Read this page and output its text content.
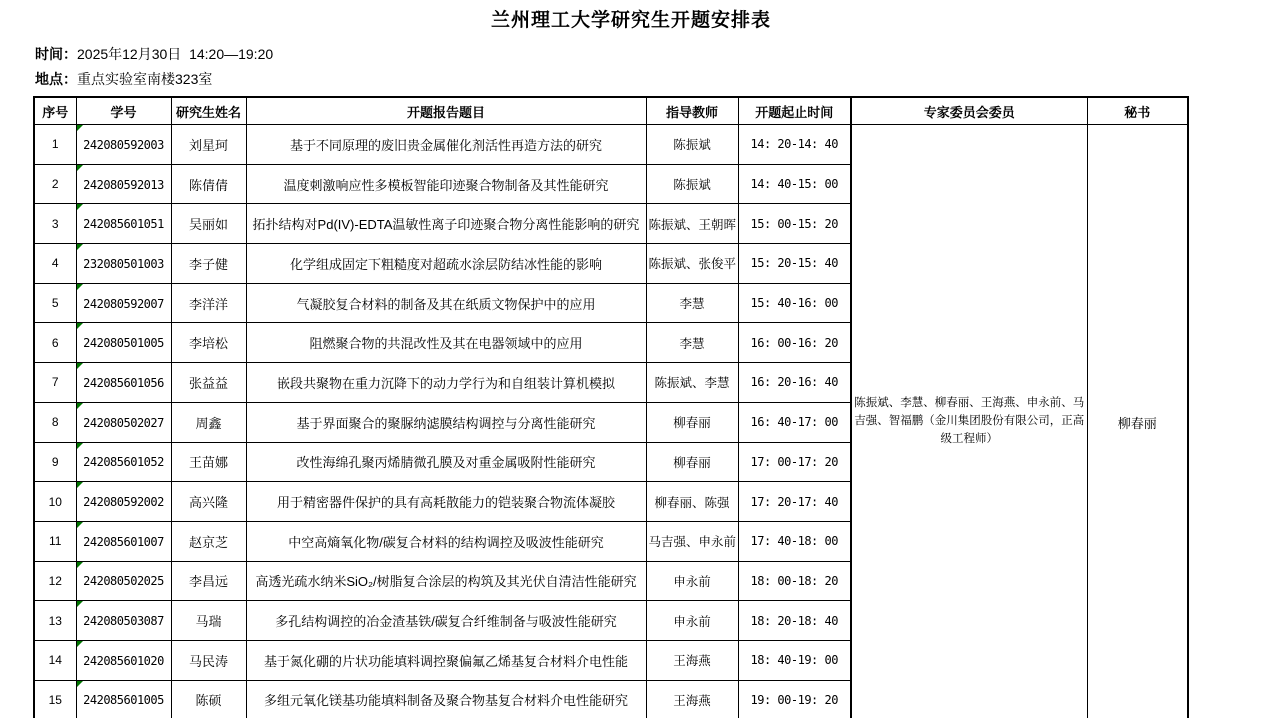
兰州理工大学研究生开题安排表
时间：2025年12月30日  14:20—19:20
地点：重点实验室南楼323室
序号	学号	研究生姓名	开题报告题目	指导教师	开题起止时间	专家委员会委员	秘书
1	242080592003	刘星珂	基于不同原理的废旧贵金属催化剂活性再造方法的研究	陈振斌	14: 20-14: 40	陈振斌、李慧、柳春丽、王海燕、申永前、马吉强、智福鹏（金川集团股份有限公司，正高级工程师）	柳春丽
2	242080592013	陈倩倩	温度刺激响应性多模板智能印迹聚合物制备及其性能研究	陈振斌	14: 40-15: 00		
3	242085601051	吴丽如	拓扑结构对Pd(IV)-EDTA温敏性离子印迹聚合物分离性能影响的研究	陈振斌、王朝晖	15: 00-15: 20		
4	232080501003	李子健	化学组成固定下粗糙度对超疏水涂层防结冰性能的影响	陈振斌、张俊平	15: 20-15: 40		
5	242080592007	李洋洋	气凝胶复合材料的制备及其在纸质文物保护中的应用	李慧	15: 40-16: 00		
6	242080501005	李培松	阻燃聚合物的共混改性及其在电器领域中的应用	李慧	16: 00-16: 20		
7	242085601056	张益益	嵌段共聚物在重力沉降下的动力学行为和自组装计算机模拟	陈振斌、李慧	16: 20-16: 40		
8	242080502027	周鑫	基于界面聚合的聚脲纳滤膜结构调控与分离性能研究	柳春丽	16: 40-17: 00		
9	242085601052	王苗娜	改性海绵孔聚丙烯腈微孔膜及对重金属吸附性能研究	柳春丽	17: 00-17: 20		
10	242080592002	高兴隆	用于精密器件保护的具有高耗散能力的铠装聚合物流体凝胶	柳春丽、陈强	17: 20-17: 40		
11	242085601007	赵京芝	中空高熵氧化物/碳复合材料的结构调控及吸波性能研究	马吉强、申永前	17: 40-18: 00		
12	242080502025	李昌远	高透光疏水纳米SiO₂/树脂复合涂层的构筑及其光伏自清洁性能研究	申永前	18: 00-18: 20		
13	242080503087	马瑞	多孔结构调控的冶金渣基铁/碳复合纤维制备与吸波性能研究	申永前	18: 20-18: 40		
14	242085601020	马民涛	基于氮化硼的片状功能填料调控聚偏氟乙烯基复合材料介电性能	王海燕	18: 40-19: 00		
15	242085601005	陈硕	多组元氧化镁基功能填料制备及聚合物基复合材料介电性能研究	王海燕	19: 00-19: 20		
